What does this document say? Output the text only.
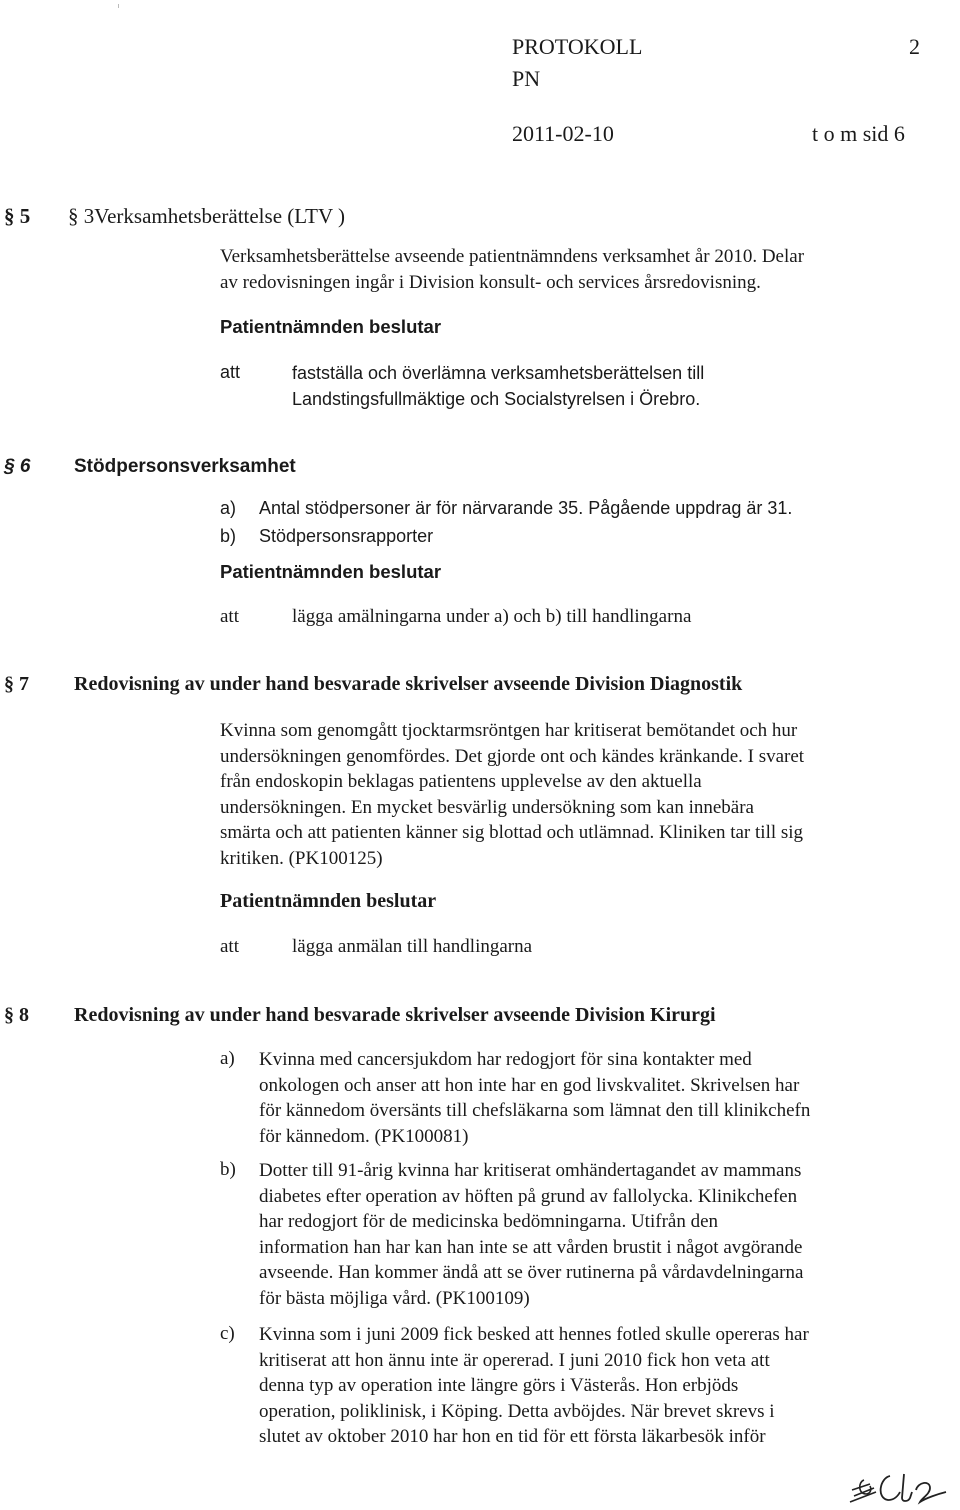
PROTOKOLL	2
PN
2011-02-10	t o m sid 6
§ 5 § 3Verksamhetsberättelse (LTV )
Verksamhetsberättelse avseende patientnämndens verksamhet år 2010. Delar
av redovisningen ingår i Division konsult- och services årsredovisning.
Patientnämnden beslutar
att	fastställa och överlämna verksamhetsberättelsen till
Landstingsfullmäktige och Socialstyrelsen i Örebro.
§ 6 Stödpersonsverksamhet
a) Antal stödpersoner är för närvarande 35. Pågående uppdrag är 31.
b) Stödpersonsrapporter
Patientnämnden beslutar
att	lägga amälningarna under a) och b) till handlingarna
§ 7 Redovisning av under hand besvarade skrivelser avseende Division Diagnostik
Kvinna som genomgått tjocktarmsröntgen har kritiserat bemötandet och hur
undersökningen genomfördes. Det gjorde ont och kändes kränkande. I svaret
från endoskopin beklagas patientens upplevelse av den aktuella
undersökningen. En mycket besvärlig undersökning som kan innebära
smärta och att patienten känner sig blottad och utlämnad. Kliniken tar till sig
kritiken. (PK100125)
Patientnämnden beslutar
att	lägga anmälan till handlingarna
§ 8 Redovisning av under hand besvarade skrivelser avseende Division Kirurgi
a) Kvinna med cancersjukdom har redogjort för sina kontakter med
onkologen och anser att hon inte har en god livskvalitet. Skrivelsen har
för kännedom översänts till chefsläkarna som lämnat den till klinikchefn
för kännedom. (PK100081)
b) Dotter till 91-årig kvinna har kritiserat omhändertagandet av mammans
diabetes efter operation av höften på grund av fallolycka. Klinikchefen
har redogjort för de medicinska bedömningarna. Utifrån den
information han har kan han inte se att vården brustit i något avgörande
avseende. Han kommer ändå att se över rutinerna på vårdavdelningarna
för bästa möjliga vård. (PK100109)
c) Kvinna som i juni 2009 fick besked att hennes fotled skulle opereras har
kritiserat att hon ännu inte är opererad. I juni 2010 fick hon veta att
denna typ av operation inte längre görs i Västerås. Hon erbjöds
operation, poliklinisk, i Köping. Detta avböjdes. När brevet skrevs i
slutet av oktober 2010 har hon en tid för ett första läkarbesök inför
